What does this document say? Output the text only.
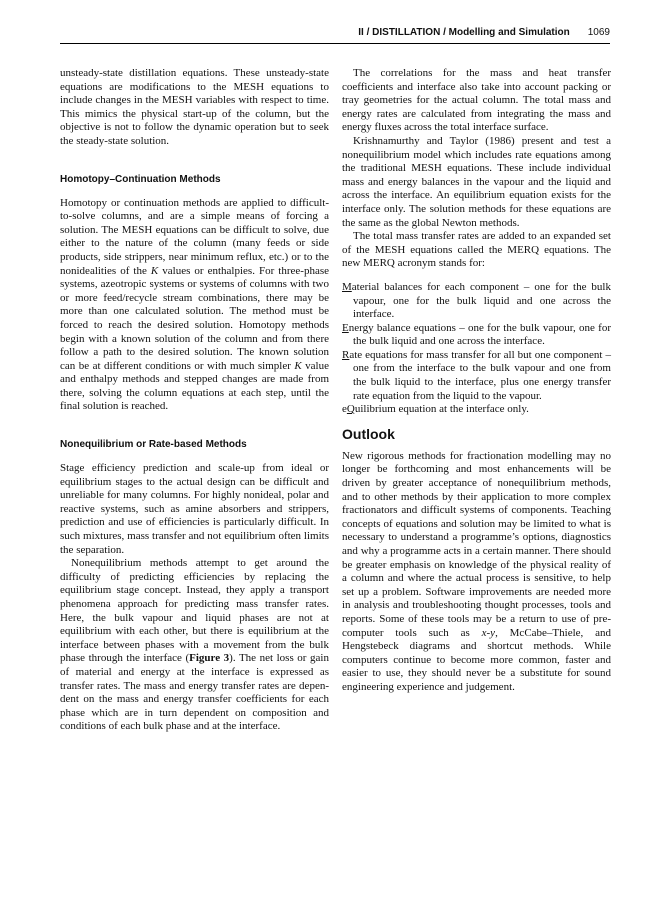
II / DISTILLATION / Modelling and Simulation 1069

unsteady-state distillation equations. These unsteady-state equations are modifications to the MESH equations to include changes in the MESH variables with respect to time. This mimics the physical start-up of the column, but the objective is not to follow the dynamic operation but to seek the steady-state solution.

Homotopy–Continuation Methods

Homotopy or continuation methods are applied to difficult-to-solve columns, and are a simple means of forcing a solution. The MESH equations can be difficult to solve, due either to the nature of the column (many feeds or side products, side strippers, near minimum reflux, etc.) or to the nonidealities of the K values or enthalpies. For three-phase systems, azeotropic systems or systems of columns with two or more feed/recycle stream combinations, there may be more than one calculated solution. The method must be forced to reach the desired solution. Homotopy methods begin with a known solution of the column and from there follow a path to the desired solution. The known solution can be at different conditions or with much simpler K value and enthalpy methods and stepped changes are made from there, solving the column equations at each step, until the final solution is reached.

Nonequilibrium or Rate-based Methods

Stage efficiency prediction and scale-up from ideal or equilibrium stages to the actual design can be difficult and unreliable for many columns. For highly nonideal, polar and reactive systems, such as amine absorbers and strippers, prediction and use of efficiencies is particularly difficult. In such mixtures, mass transfer and not equilibrium often limits the separation.

Nonequilibrium methods attempt to get around the difficulty of predicting efficiencies by replacing the equilibrium stage concept. Instead, they apply a transport phenomena approach for predicting mass transfer rates. Here, the bulk vapour and liquid phases are not at equilibrium with each other, but there is equilibrium at the interface between phases with a movement from the bulk phase through the interface (Figure 3). The net loss or gain of material and energy at the interface is expressed as transfer rates. The mass and energy transfer rates are dependent on the mass and energy transfer coefficients for each phase which are in turn dependent on composition and conditions of each bulk phase and at the interface.

The correlations for the mass and heat transfer coefficients and interface also take into account packing or tray geometries for the actual column. The total mass and energy rates are calculated from integrating the mass and energy fluxes across the total interface surface.

Krishnamurthy and Taylor (1986) present and test a nonequilibrium model which includes rate equations among the traditional MESH equations. These include individual mass and energy balances in the vapour and the liquid and across the interface. An equilibrium equation exists for the interface only. The solution methods for these equations are the same as the global Newton methods.

The total mass transfer rates are added to an expanded set of the MESH equations called the MERQ equations. The new MERQ acronym stands for:

Material balances for each component – one for the bulk vapour, one for the bulk liquid and one across the interface.

Energy balance equations – one for the bulk vapour, one for the bulk liquid and one across the interface.

Rate equations for mass transfer for all but one component – one from the interface to the bulk vapour and one from the bulk liquid to the interface, plus one energy transfer rate equation from the liquid to the vapour.

eQuilibrium equation at the interface only.

Outlook

New rigorous methods for fractionation modelling may no longer be forthcoming and most enhancements will be driven by greater acceptance of nonequilibrium methods, and to other methods by their application to more complex fractionators and difficult systems of components. Teaching concepts of equations and solution may be limited to what is necessary to understand a programme’s options, diagnostics and why a programme acts in a certain manner. There should be greater emphasis on knowledge of the physical reality of a column and where the actual process is sensitive, to help set up a problem. Software improvements are needed more in analysis and troubleshooting thought processes, tools and reports. Some of these tools may be a return to use of pre-computer tools such as x-y, McCabe–Thiele, and Hengstebeck diagrams and shortcut methods. While computers continue to become more common, faster and easier to use, they should never be a substitute for sound engineering experience and judgement.
